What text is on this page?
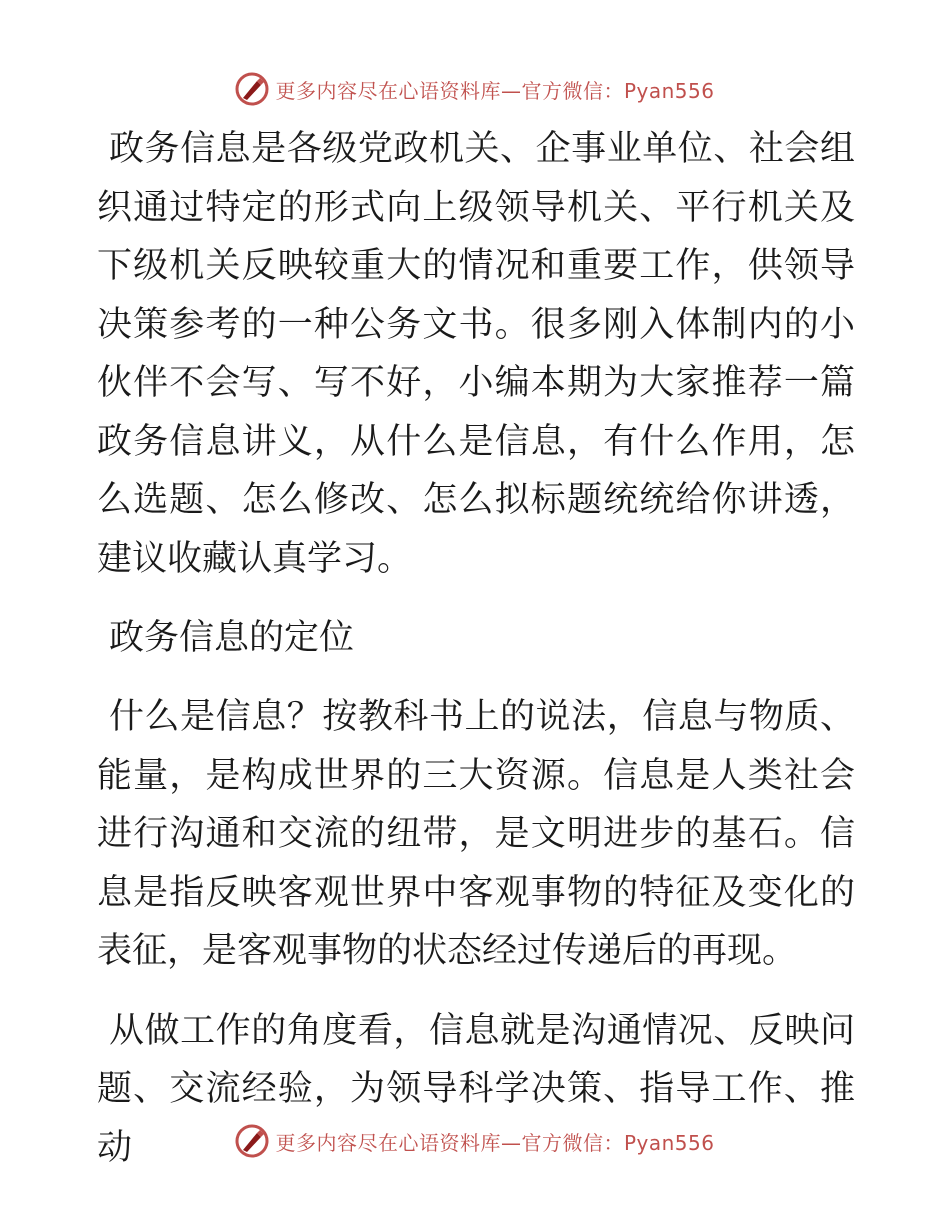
更多内容尽在心语资料库—官方微信：Pyan556

政务信息是各级党政机关、企事业单位、社会组织通过特定的形式向上级领导机关、平行机关及下级机关反映较重大的情况和重要工作，供领导决策参考的一种公务文书。很多刚入体制内的小伙伴不会写、写不好，小编本期为大家推荐一篇政务信息讲义，从什么是信息，有什么作用，怎么选题、怎么修改、怎么拟标题统统给你讲透，建议收藏认真学习。

政务信息的定位

什么是信息？按教科书上的说法，信息与物质、能量，是构成世界的三大资源。信息是人类社会进行沟通和交流的纽带，是文明进步的基石。信息是指反映客观世界中客观事物的特征及变化的表征，是客观事物的状态经过传递后的再现。

从做工作的角度看，信息就是沟通情况、反映问题、交流经验，为领导科学决策、指导工作、推动	更多内容尽在心语资料库—官方微信：Pyan556
